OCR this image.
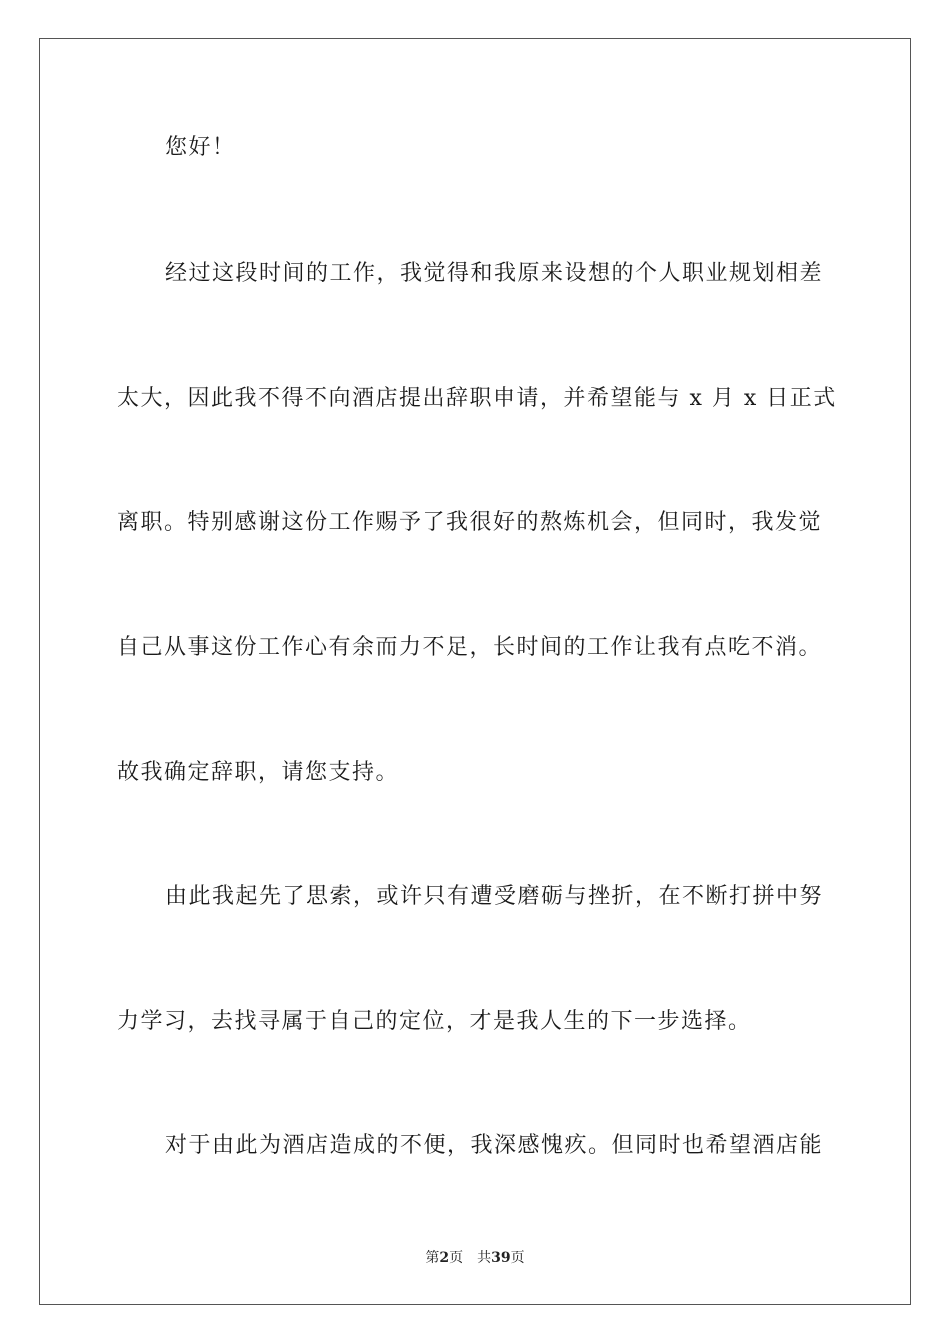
您好！
经过这段时间的工作，我觉得和我原来设想的个人职业规划相差
太大，因此我不得不向酒店提出辞职申请，并希望能与 x 月 x 日正式
离职。特别感谢这份工作赐予了我很好的熬炼机会，但同时，我发觉
自己从事这份工作心有余而力不足，长时间的工作让我有点吃不消。
故我确定辞职，请您支持。
由此我起先了思索，或许只有遭受磨砺与挫折，在不断打拼中努
力学习，去找寻属于自己的定位，才是我人生的下一步选择。
对于由此为酒店造成的不便，我深感愧疚。但同时也希望酒店能
第2页 共39页
